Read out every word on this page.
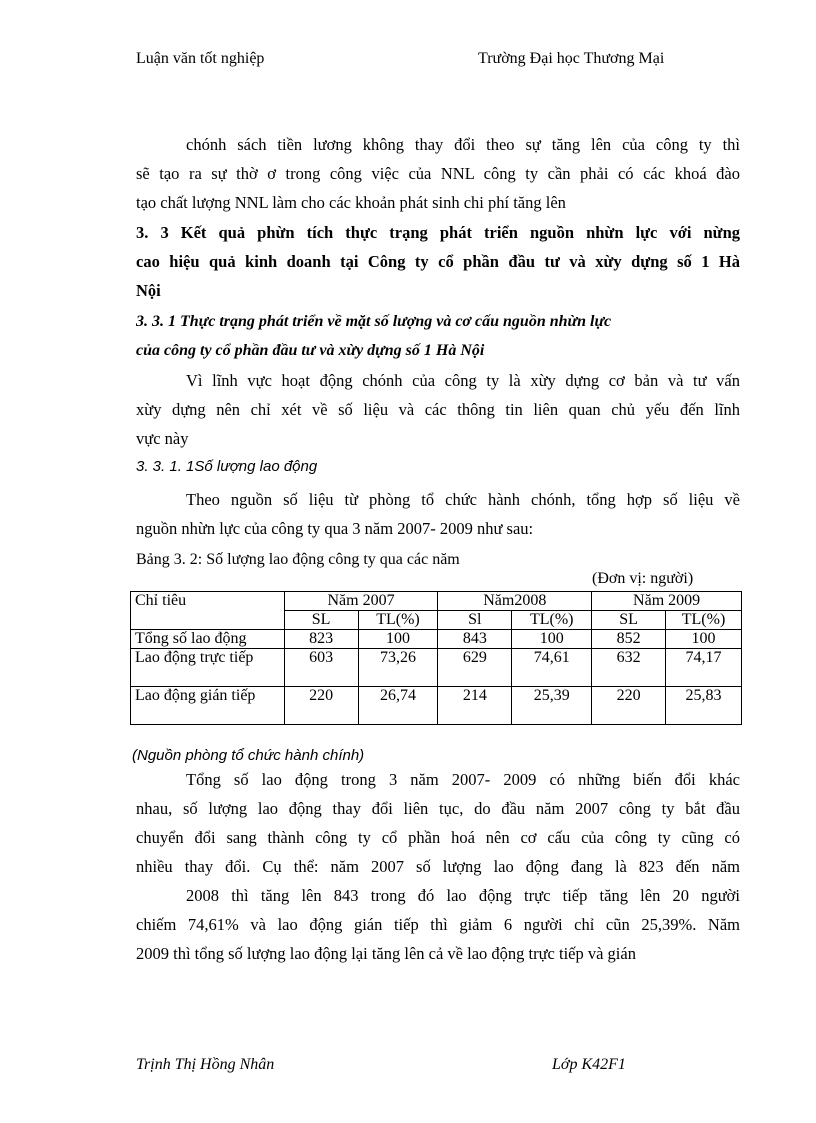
Luận văn tốt nghiệp	Trường Đại học Thương Mại
chónh sách tiền lương không thay đổi theo sự tăng lên của công ty thì
sẽ tạo ra sự thờ ơ trong công việc của NNL công ty cần phải có các khoá đào
tạo chất lượng NNL làm cho các khoản phát sinh chi phí tăng lên
3. 3 Kết quả phừn tích thực trạng phát triển nguồn nhừn lực với nừng
cao hiệu quả kinh doanh tại Công ty cổ phần đầu tư và xừy dựng số 1 Hà
Nội
3. 3. 1 Thực trạng phát triển về mặt số lượng và cơ cấu nguồn nhừn lực
của công ty cổ phần đầu tư và xừy dựng số 1 Hà Nội
Vì lĩnh vực hoạt động chónh của công ty là xừy dựng cơ bản và tư vấn
xừy dựng nên chỉ xét về số liệu và các thông tin liên quan chủ yếu đến lĩnh
vực này
3. 3. 1. 1Số lượng lao động
Theo nguồn số liệu từ phòng tổ chức hành chónh, tổng hợp số liệu về
nguồn nhừn lực của công ty qua 3 năm 2007- 2009 như sau:
Bảng 3. 2: Số lượng lao động công ty qua các năm
(Đơn vị: người)
Chỉ tiêu	Năm 2007		Năm2008		Năm 2009	
	SL	TL(%)	Sl	TL(%)	SL	TL(%)
Tổng số lao động	823	100	843	100	852	100
Lao động trực tiếp	603	73,26	629	74,61	632	74,17
Lao động gián tiếp	220	26,74	214	25,39	220	25,83
(Nguồn phòng tổ chức hành chính)
Tổng số lao động trong 3 năm 2007- 2009 có những biến đổi khác
nhau, số lượng lao động thay đổi liên tục, do đầu năm 2007 công ty bắt đầu
chuyển đổi sang thành công ty cổ phần hoá nên cơ cấu của công ty cũng có
nhiều thay đổi. Cụ thể: năm 2007 số lượng lao động đang là 823 đến năm
2008 thì tăng lên 843 trong đó lao động trực tiếp tăng lên 20 người
chiếm 74,61% và lao động gián tiếp thì giảm 6 người chỉ cũn 25,39%. Năm
2009 thì tổng số lượng lao động lại tăng lên cả về lao động trực tiếp và gián
Trịnh Thị Hồng Nhân	Lớp K42F1
